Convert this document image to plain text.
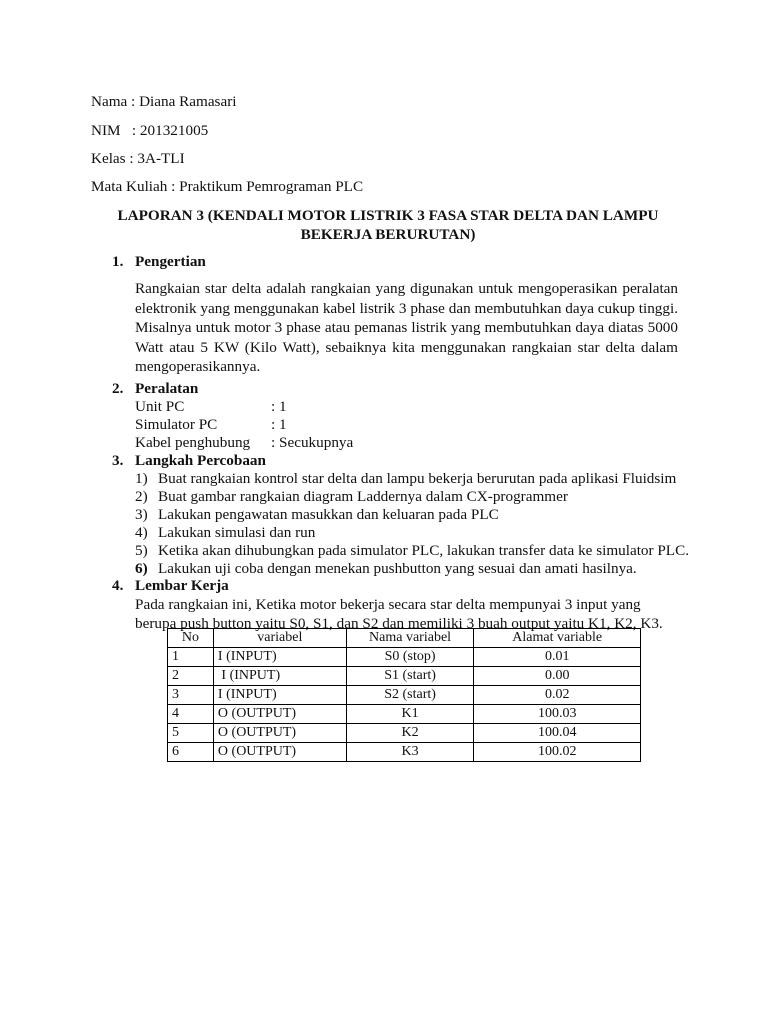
Nama : Diana Ramasari
NIM   : 201321005
Kelas : 3A-TLI
Mata Kuliah : Praktikum Pemrograman PLC
LAPORAN 3 (KENDALI MOTOR LISTRIK 3 FASA STAR DELTA DAN LAMPU BEKERJA BERURUTAN)
1. Pengertian
Rangkaian star delta adalah rangkaian yang digunakan untuk mengoperasikan peralatan elektronik yang menggunakan kabel listrik 3 phase dan membutuhkan daya cukup tinggi. Misalnya untuk motor 3 phase atau pemanas listrik yang membutuhkan daya diatas 5000 Watt atau 5 KW (Kilo Watt), sebaiknya kita menggunakan rangkaian star delta dalam mengoperasikannya.
2. Peralatan
Unit PC	: 1
Simulator PC	: 1
Kabel penghubung : Secukupnya
3. Langkah Percobaan
1) Buat rangkaian kontrol star delta dan lampu bekerja berurutan pada aplikasi Fluidsim
2) Buat gambar rangkaian diagram Laddernya dalam CX-programmer
3) Lakukan pengawatan masukkan dan keluaran pada PLC
4) Lakukan simulasi dan run
5) Ketika akan dihubungkan pada simulator PLC, lakukan transfer data ke simulator PLC.
6) Lakukan uji coba dengan menekan pushbutton yang sesuai dan amati hasilnya.
4. Lembar Kerja
Pada rangkaian ini, Ketika motor bekerja secara star delta mempunyai 3 input yang berupa push button yaitu S0, S1, dan S2 dan memiliki 3 buah output yaitu K1, K2, K3.
No	variabel	Nama variabel	Alamat variable
1	I (INPUT)	S0 (stop)	0.01
2	I (INPUT)	S1 (start)	0.00
3	I (INPUT)	S2 (start)	0.02
4	O (OUTPUT)	K1	100.03
5	O (OUTPUT)	K2	100.04
6	O (OUTPUT)	K3	100.02
